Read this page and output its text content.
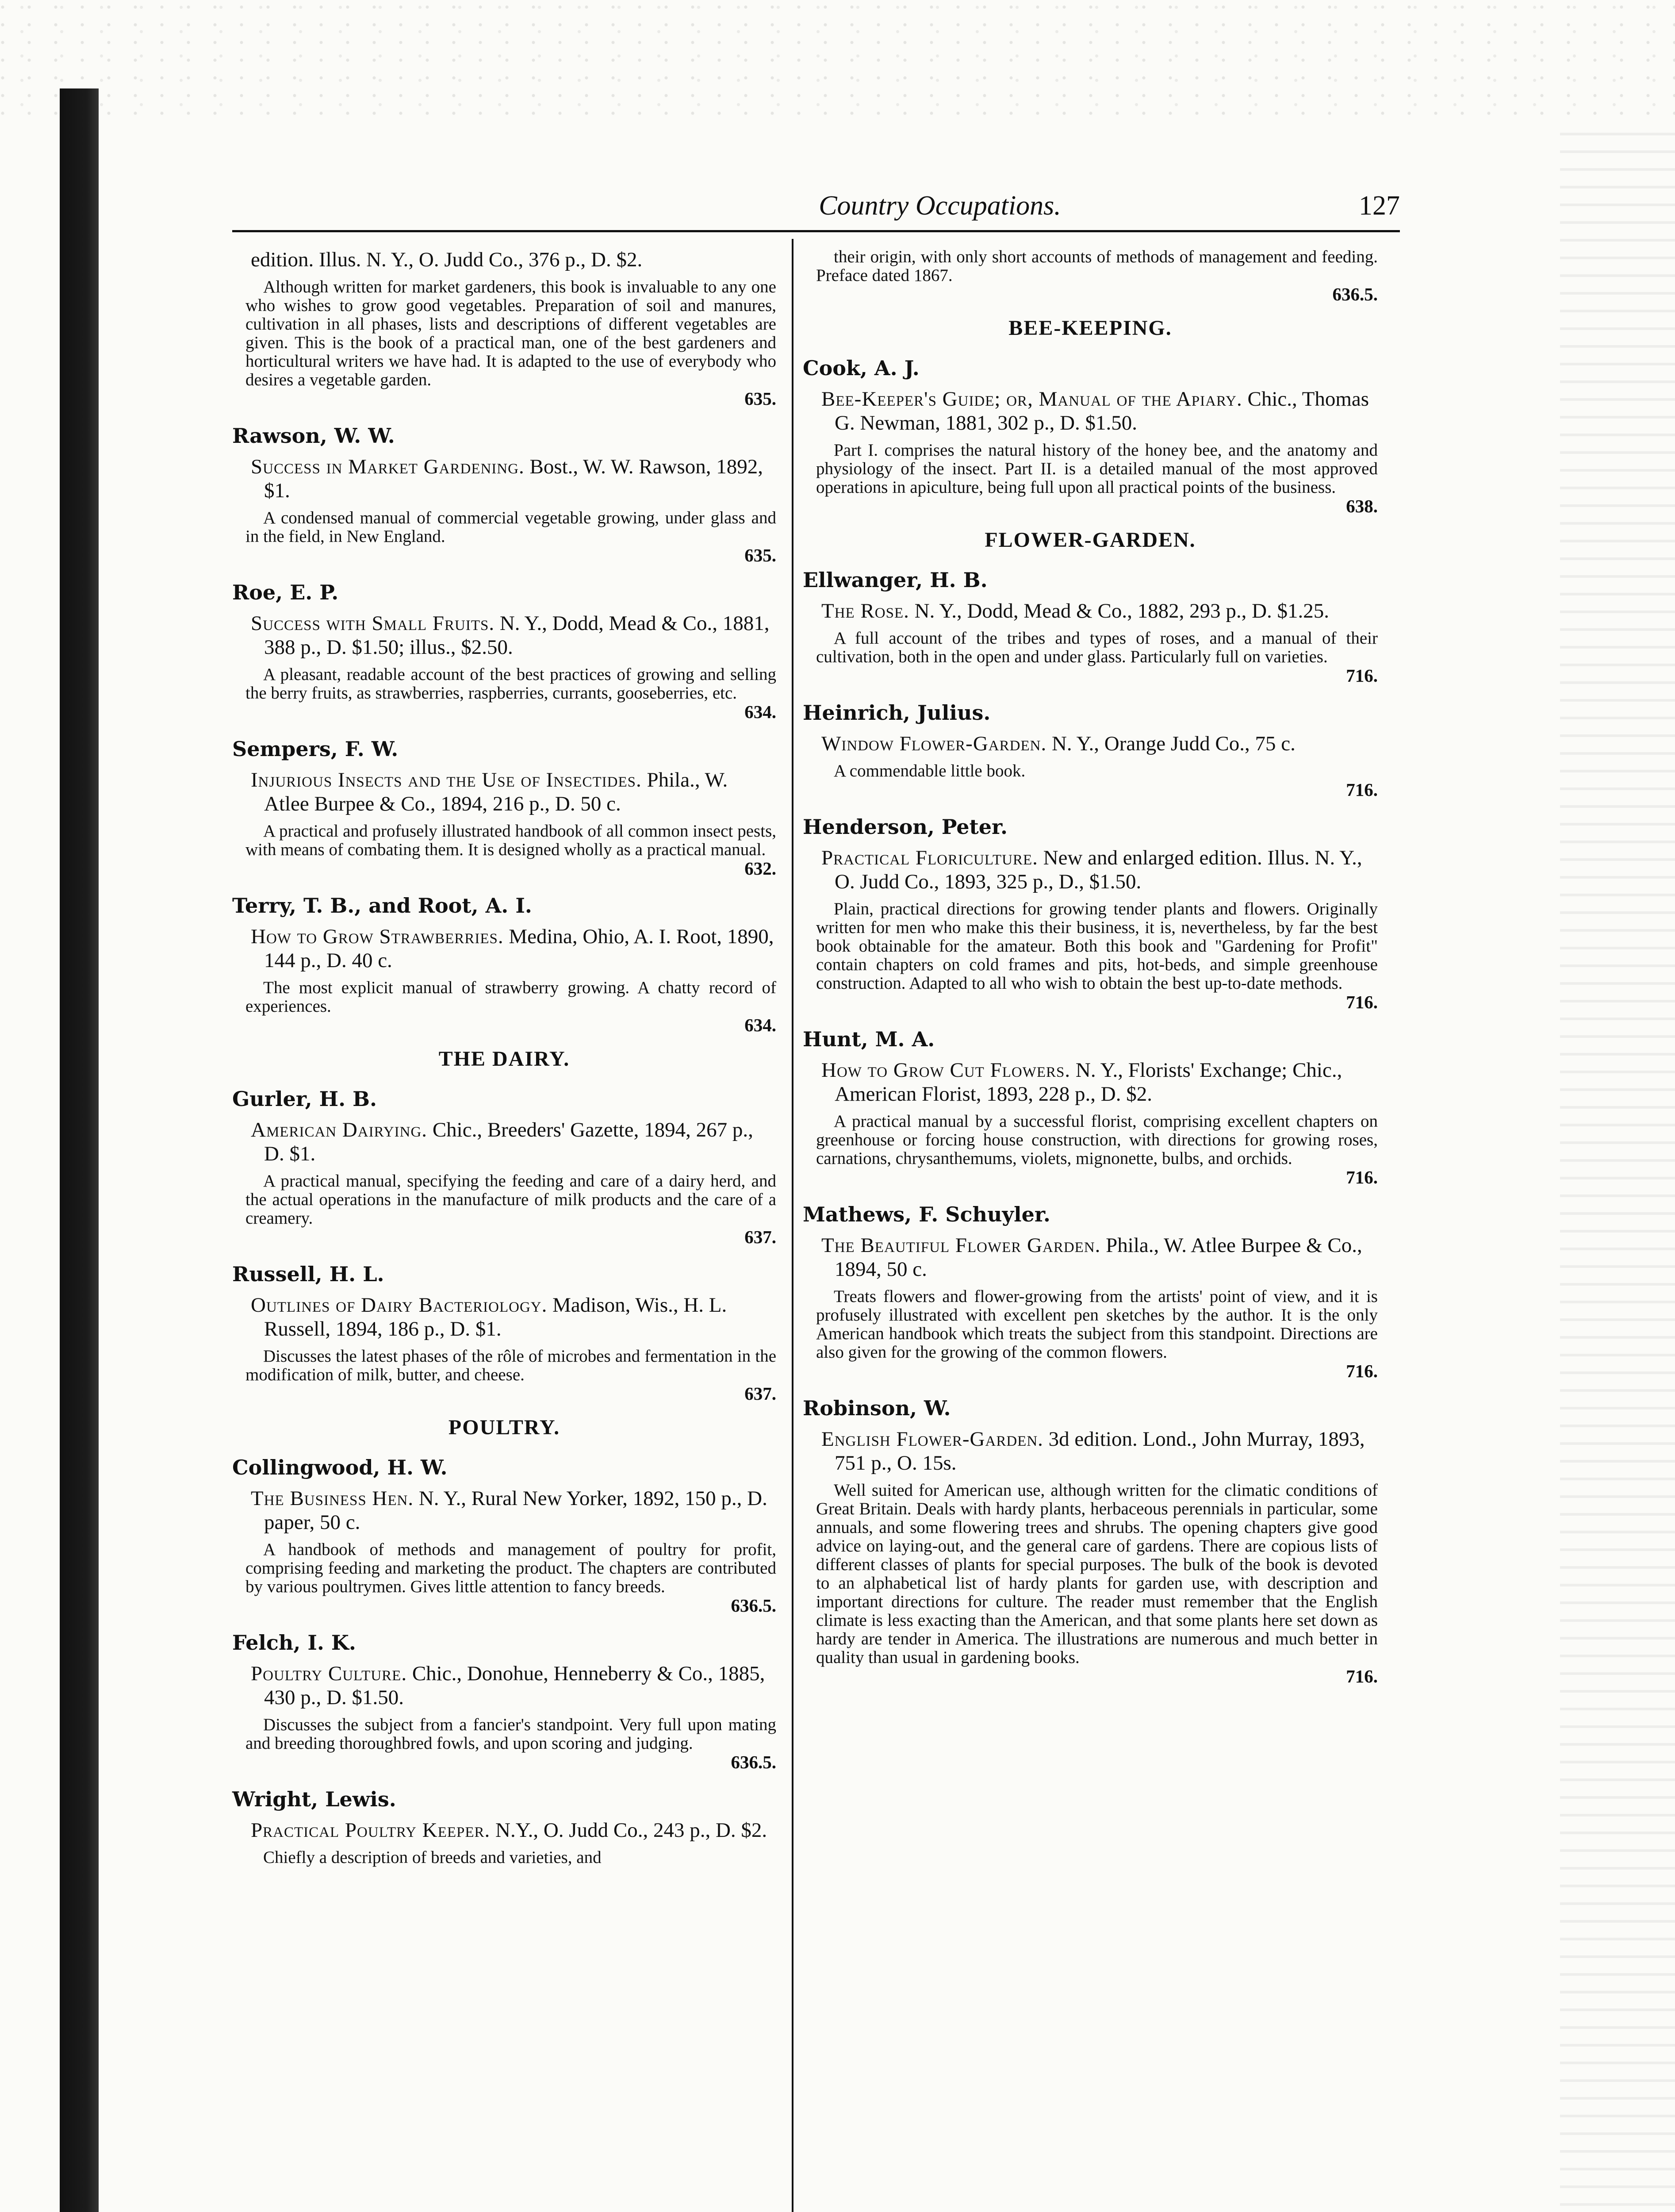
Country Occupations.	127
edition. Illus. N. Y., O. Judd Co., 376 p., D. $2.
Although written for market gardeners, this book is invaluable to any one who wishes to grow good vegetables. Preparation of soil and manures, cultivation in all phases, lists and descriptions of different vegetables are given. This is the book of a practical man, one of the best gardeners and horticultural writers we have had. It is adapted to the use of everybody who desires a vegetable garden.
635.
Rawson, W. W.
Success in Market Gardening. Bost., W. W. Rawson, 1892, $1.
A condensed manual of commercial vegetable growing, under glass and in the field, in New England.
635.
Roe, E. P.
Success with Small Fruits. N. Y., Dodd, Mead & Co., 1881, 388 p., D. $1.50; illus., $2.50.
A pleasant, readable account of the best practices of growing and selling the berry fruits, as strawberries, raspberries, currants, gooseberries, etc.
634.
Sempers, F. W.
Injurious Insects and the Use of Insectides. Phila., W. Atlee Burpee & Co., 1894, 216 p., D. 50 c.
A practical and profusely illustrated handbook of all common insect pests, with means of combating them. It is designed wholly as a practical manual.
632.
Terry, T. B., and Root, A. I.
How to Grow Strawberries. Medina, Ohio, A. I. Root, 1890, 144 p., D. 40 c.
The most explicit manual of strawberry growing. A chatty record of experiences.
634.
THE DAIRY.
Gurler, H. B.
American Dairying. Chic., Breeders' Gazette, 1894, 267 p., D. $1.
A practical manual, specifying the feeding and care of a dairy herd, and the actual operations in the manufacture of milk products and the care of a creamery.
637.
Russell, H. L.
Outlines of Dairy Bacteriology. Madison, Wis., H. L. Russell, 1894, 186 p., D. $1.
Discusses the latest phases of the rôle of microbes and fermentation in the modification of milk, butter, and cheese.
637.
POULTRY.
Collingwood, H. W.
The Business Hen. N. Y., Rural New Yorker, 1892, 150 p., D. paper, 50 c.
A handbook of methods and management of poultry for profit, comprising feeding and marketing the product. The chapters are contributed by various poultrymen. Gives little attention to fancy breeds.
636.5.
Felch, I. K.
Poultry Culture. Chic., Donohue, Henneberry & Co., 1885, 430 p., D. $1.50.
Discusses the subject from a fancier's standpoint. Very full upon mating and breeding thoroughbred fowls, and upon scoring and judging.
636.5.
Wright, Lewis.
Practical Poultry Keeper. N.Y., O. Judd Co., 243 p., D. $2.
Chiefly a description of breeds and varieties, and
their origin, with only short accounts of methods of management and feeding. Preface dated 1867.
636.5.
BEE-KEEPING.
Cook, A. J.
Bee-Keeper's Guide; or, Manual of the Apiary. Chic., Thomas G. Newman, 1881, 302 p., D. $1.50.
Part I. comprises the natural history of the honey bee, and the anatomy and physiology of the insect. Part II. is a detailed manual of the most approved operations in apiculture, being full upon all practical points of the business.
638.
FLOWER-GARDEN.
Ellwanger, H. B.
The Rose. N. Y., Dodd, Mead & Co., 1882, 293 p., D. $1.25.
A full account of the tribes and types of roses, and a manual of their cultivation, both in the open and under glass. Particularly full on varieties.
716.
Heinrich, Julius.
Window Flower-Garden. N. Y., Orange Judd Co., 75 c.
A commendable little book.
716.
Henderson, Peter.
Practical Floriculture. New and enlarged edition. Illus. N. Y., O. Judd Co., 1893, 325 p., D., $1.50.
Plain, practical directions for growing tender plants and flowers. Originally written for men who make this their business, it is, nevertheless, by far the best book obtainable for the amateur. Both this book and "Gardening for Profit" contain chapters on cold frames and pits, hot-beds, and simple greenhouse construction. Adapted to all who wish to obtain the best up-to-date methods.
716.
Hunt, M. A.
How to Grow Cut Flowers. N. Y., Florists' Exchange; Chic., American Florist, 1893, 228 p., D. $2.
A practical manual by a successful florist, comprising excellent chapters on greenhouse or forcing house construction, with directions for growing roses, carnations, chrysanthemums, violets, mignonette, bulbs, and orchids.
716.
Mathews, F. Schuyler.
The Beautiful Flower Garden. Phila., W. Atlee Burpee & Co., 1894, 50 c.
Treats flowers and flower-growing from the artists' point of view, and it is profusely illustrated with excellent pen sketches by the author. It is the only American handbook which treats the subject from this standpoint. Directions are also given for the growing of the common flowers.
716.
Robinson, W.
English Flower-Garden. 3d edition. Lond., John Murray, 1893, 751 p., O. 15s.
Well suited for American use, although written for the climatic conditions of Great Britain. Deals with hardy plants, herbaceous perennials in particular, some annuals, and some flowering trees and shrubs. The opening chapters give good advice on laying-out, and the general care of gardens. There are copious lists of different classes of plants for special purposes. The bulk of the book is devoted to an alphabetical list of hardy plants for garden use, with description and important directions for culture. The reader must remember that the English climate is less exacting than the American, and that some plants here set down as hardy are tender in America. The illustrations are numerous and much better in quality than usual in gardening books.
716.
